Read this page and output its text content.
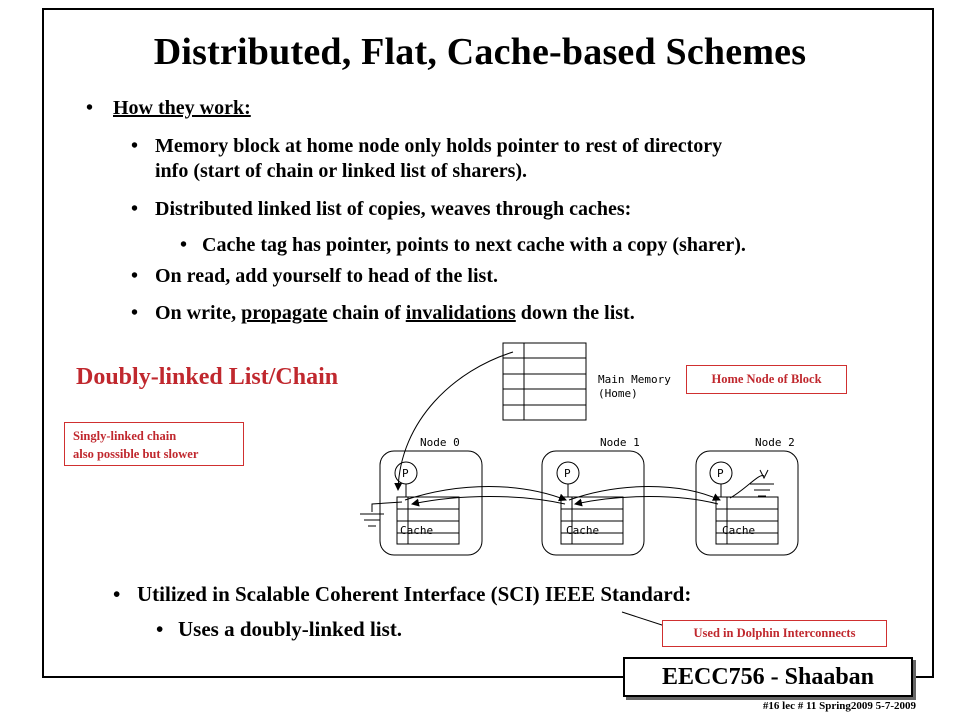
Distributed, Flat, Cache-based Schemes
• How they work:
• Memory block at home node only holds pointer to rest of directory
info (start of chain or linked list of sharers).
• Distributed linked list of copies, weaves through caches:
• Cache tag has pointer, points to next cache with a copy (sharer).
• On read, add yourself to head of the list.
• On write, propagate chain of invalidations down the list.
Doubly-linked List/Chain	Main Memory
(Home)
Node 0
P
Cache
Node 1
P
Cache
Node 2
P
Cache
Home Node of Block
Singly-linked chain
also possible but slower
• Utilized in Scalable Coherent Interface (SCI) IEEE Standard:
• Uses a doubly-linked list.	Used in Dolphin Interconnects
EECC756 - Shaaban
#16 lec # 11 Spring2009 5-7-2009
